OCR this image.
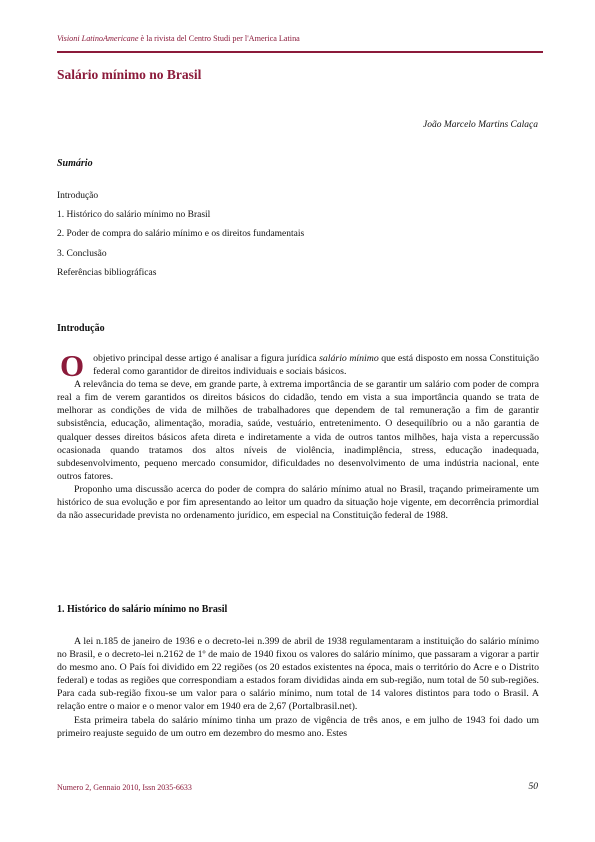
Visioni LatinoAmericane è la rivista del Centro Studi per l'America Latina
Salário mínimo no Brasil
João Marcelo Martins Calaça
Sumário
Introdução
1. Histórico do salário mínimo no Brasil
2. Poder de compra do salário mínimo e os direitos fundamentais
3. Conclusão
Referências bibliográficas
Introdução

Oobjetivo principal desse artigo é analisar a figura jurídica salário mínimo que está disposto em nossa Constituição federal como garantidor de direitos individuais e sociais básicos.

A relevância do tema se deve, em grande parte, à extrema importância de se garantir um salário com poder de compra real a fim de verem garantidos os direitos básicos do cidadão, tendo em vista a sua importância quando se trata de melhorar as condições de vida de milhões de trabalhadores que dependem de tal remuneração a fim de garantir subsistência, educação, alimentação, moradia, saúde, vestuário, entretenimento. O desequilíbrio ou a não garantia de qualquer desses direitos básicos afeta direta e indiretamente a vida de outros tantos milhões, haja vista a repercussão ocasionada quando tratamos dos altos níveis de violência, inadimplência, stress, educação inadequada, subdesenvolvimento, pequeno mercado consumidor, dificuldades no desenvolvimento de uma indústria nacional, ente outros fatores.

Proponho uma discussão acerca do poder de compra do salário mínimo atual no Brasil, traçando primeiramente um histórico de sua evolução e por fim apresentando ao leitor um quadro da situação hoje vigente, em decorrência primordial da não assecuridade prevista no ordenamento jurídico, em especial na Constituição federal de 1988.

1. Histórico do salário mínimo no Brasil

A lei n.185 de janeiro de 1936 e o decreto-lei n.399 de abril de 1938 regulamentaram a instituição do salário mínimo no Brasil, e o decreto-lei n.2162 de 1º de maio de 1940 fixou os valores do salário mínimo, que passaram a vigorar a partir do mesmo ano. O País foi dividido em 22 regiões (os 20 estados existentes na época, mais o território do Acre e o Distrito federal) e todas as regiões que correspondiam a estados foram divididas ainda em sub-região, num total de 50 sub-regiões. Para cada sub-região fixou-se um valor para o salário mínimo, num total de 14 valores distintos para todo o Brasil. A relação entre o maior e o menor valor em 1940 era de 2,67 (Portalbrasil.net).

Esta primeira tabela do salário mínimo tinha um prazo de vigência de três anos, e em julho de 1943 foi dado um primeiro reajuste seguido de um outro em dezembro do mesmo ano. Estes

Numero 2, Gennaio 2010, Issn 2035-6633	50
